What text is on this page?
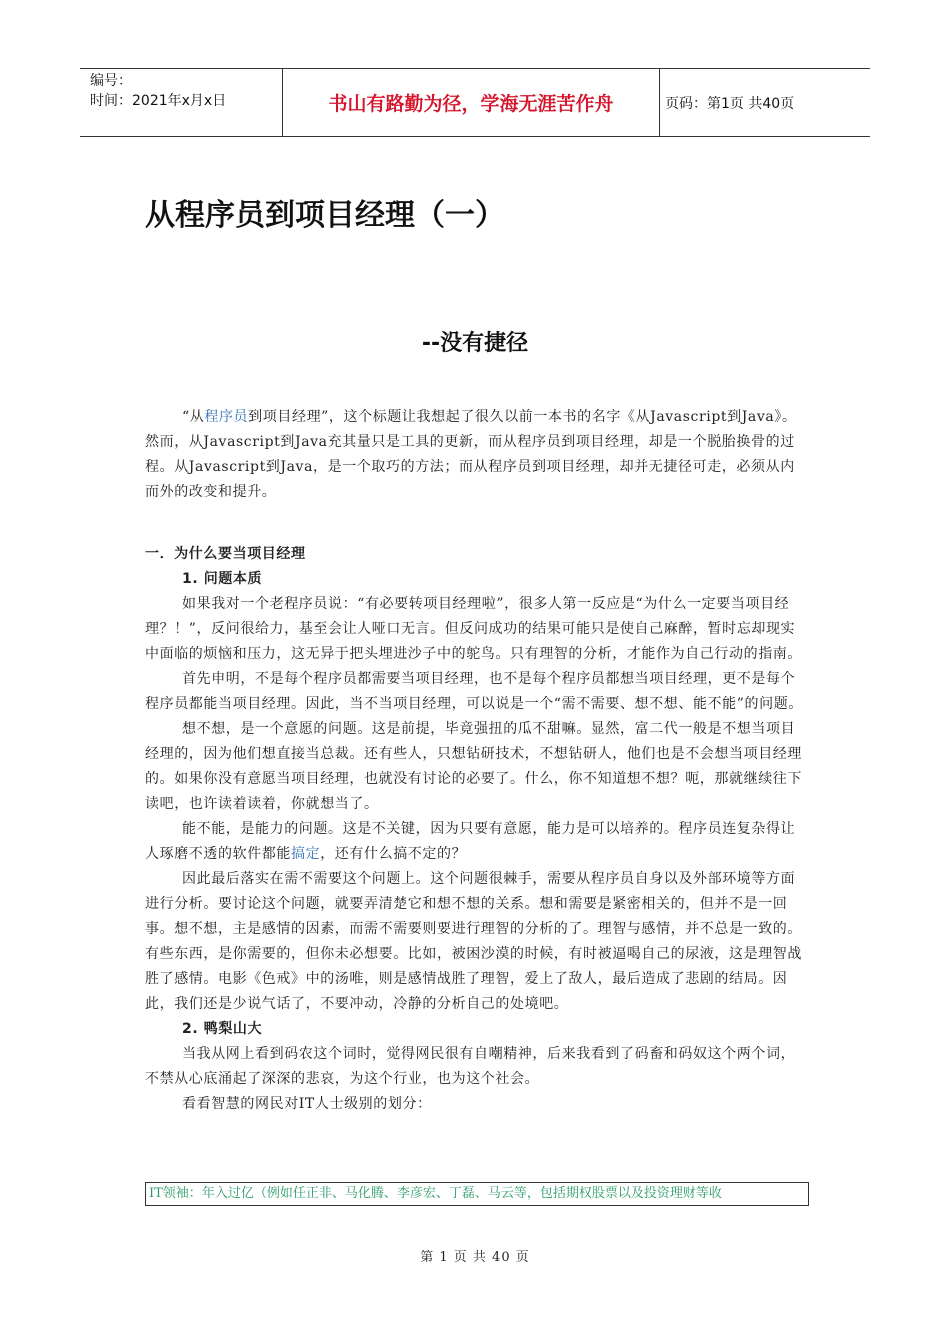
编号：
时间：2021年x月x日	书山有路勤为径，学海无涯苦作舟	页码：第1页 共40页
从程序员到项目经理（一）
--没有捷径

“从程序员到项目经理”，这个标题让我想起了很久以前一本书的名字《从Javascript到Java》。然而，从Javascript到Java充其量只是工具的更新，而从程序员到项目经理，却是一个脱胎换骨的过程。从Javascript到Java，是一个取巧的方法；而从程序员到项目经理，却并无捷径可走，必须从内而外的改变和提升。

一．为什么要当项目经理
1. 问题本质

如果我对一个老程序员说：“有必要转项目经理啦”，很多人第一反应是“为什么一定要当项目经理？！”，反问很给力，基至会让人哑口无言。但反问成功的结果可能只是使自己麻醉，暂时忘却现实中面临的烦恼和压力，这无异于把头埋进沙子中的鸵鸟。只有理智的分析，才能作为自己行动的指南。

首先申明，不是每个程序员都需要当项目经理，也不是每个程序员都想当项目经理，更不是每个程序员都能当项目经理。因此，当不当项目经理，可以说是一个“需不需要、想不想、能不能”的问题。

想不想，是一个意愿的问题。这是前提，毕竟强扭的瓜不甜嘛。显然，富二代一般是不想当项目经理的，因为他们想直接当总裁。还有些人，只想钻研技术，不想钻研人，他们也是不会想当项目经理的。如果你没有意愿当项目经理，也就没有讨论的必要了。什么，你不知道想不想？呃，那就继续往下读吧，也许读着读着，你就想当了。

能不能，是能力的问题。这是不关键，因为只要有意愿，能力是可以培养的。程序员连复杂得让人琢磨不透的软件都能搞定，还有什么搞不定的？

因此最后落实在需不需要这个问题上。这个问题很棘手，需要从程序员自身以及外部环境等方面进行分析。要讨论这个问题，就要弄清楚它和想不想的关系。想和需要是紧密相关的，但并不是一回事。想不想，主是感情的因素，而需不需要则要进行理智的分析的了。理智与感情，并不总是一致的。有些东西，是你需要的，但你未必想要。比如，被困沙漠的时候，有时被逼喝自己的尿液，这是理智战胜了感情。电影《色戒》中的汤唯，则是感情战胜了理智，爱上了敌人，最后造成了悲剧的结局。因此，我们还是少说气话了，不要冲动，冷静的分析自己的处境吧。

2. 鸭梨山大

当我从网上看到码农这个词时，觉得网民很有自嘲精神，后来我看到了码畜和码奴这个两个词，不禁从心底涌起了深深的悲哀，为这个行业，也为这个社会。

看看智慧的网民对IT人士级别的划分：

IT领袖：年入过亿（例如任正非、马化腾、李彦宏、丁磊、马云等，包括期权股票以及投资理财等收
第 1 页 共 40 页
